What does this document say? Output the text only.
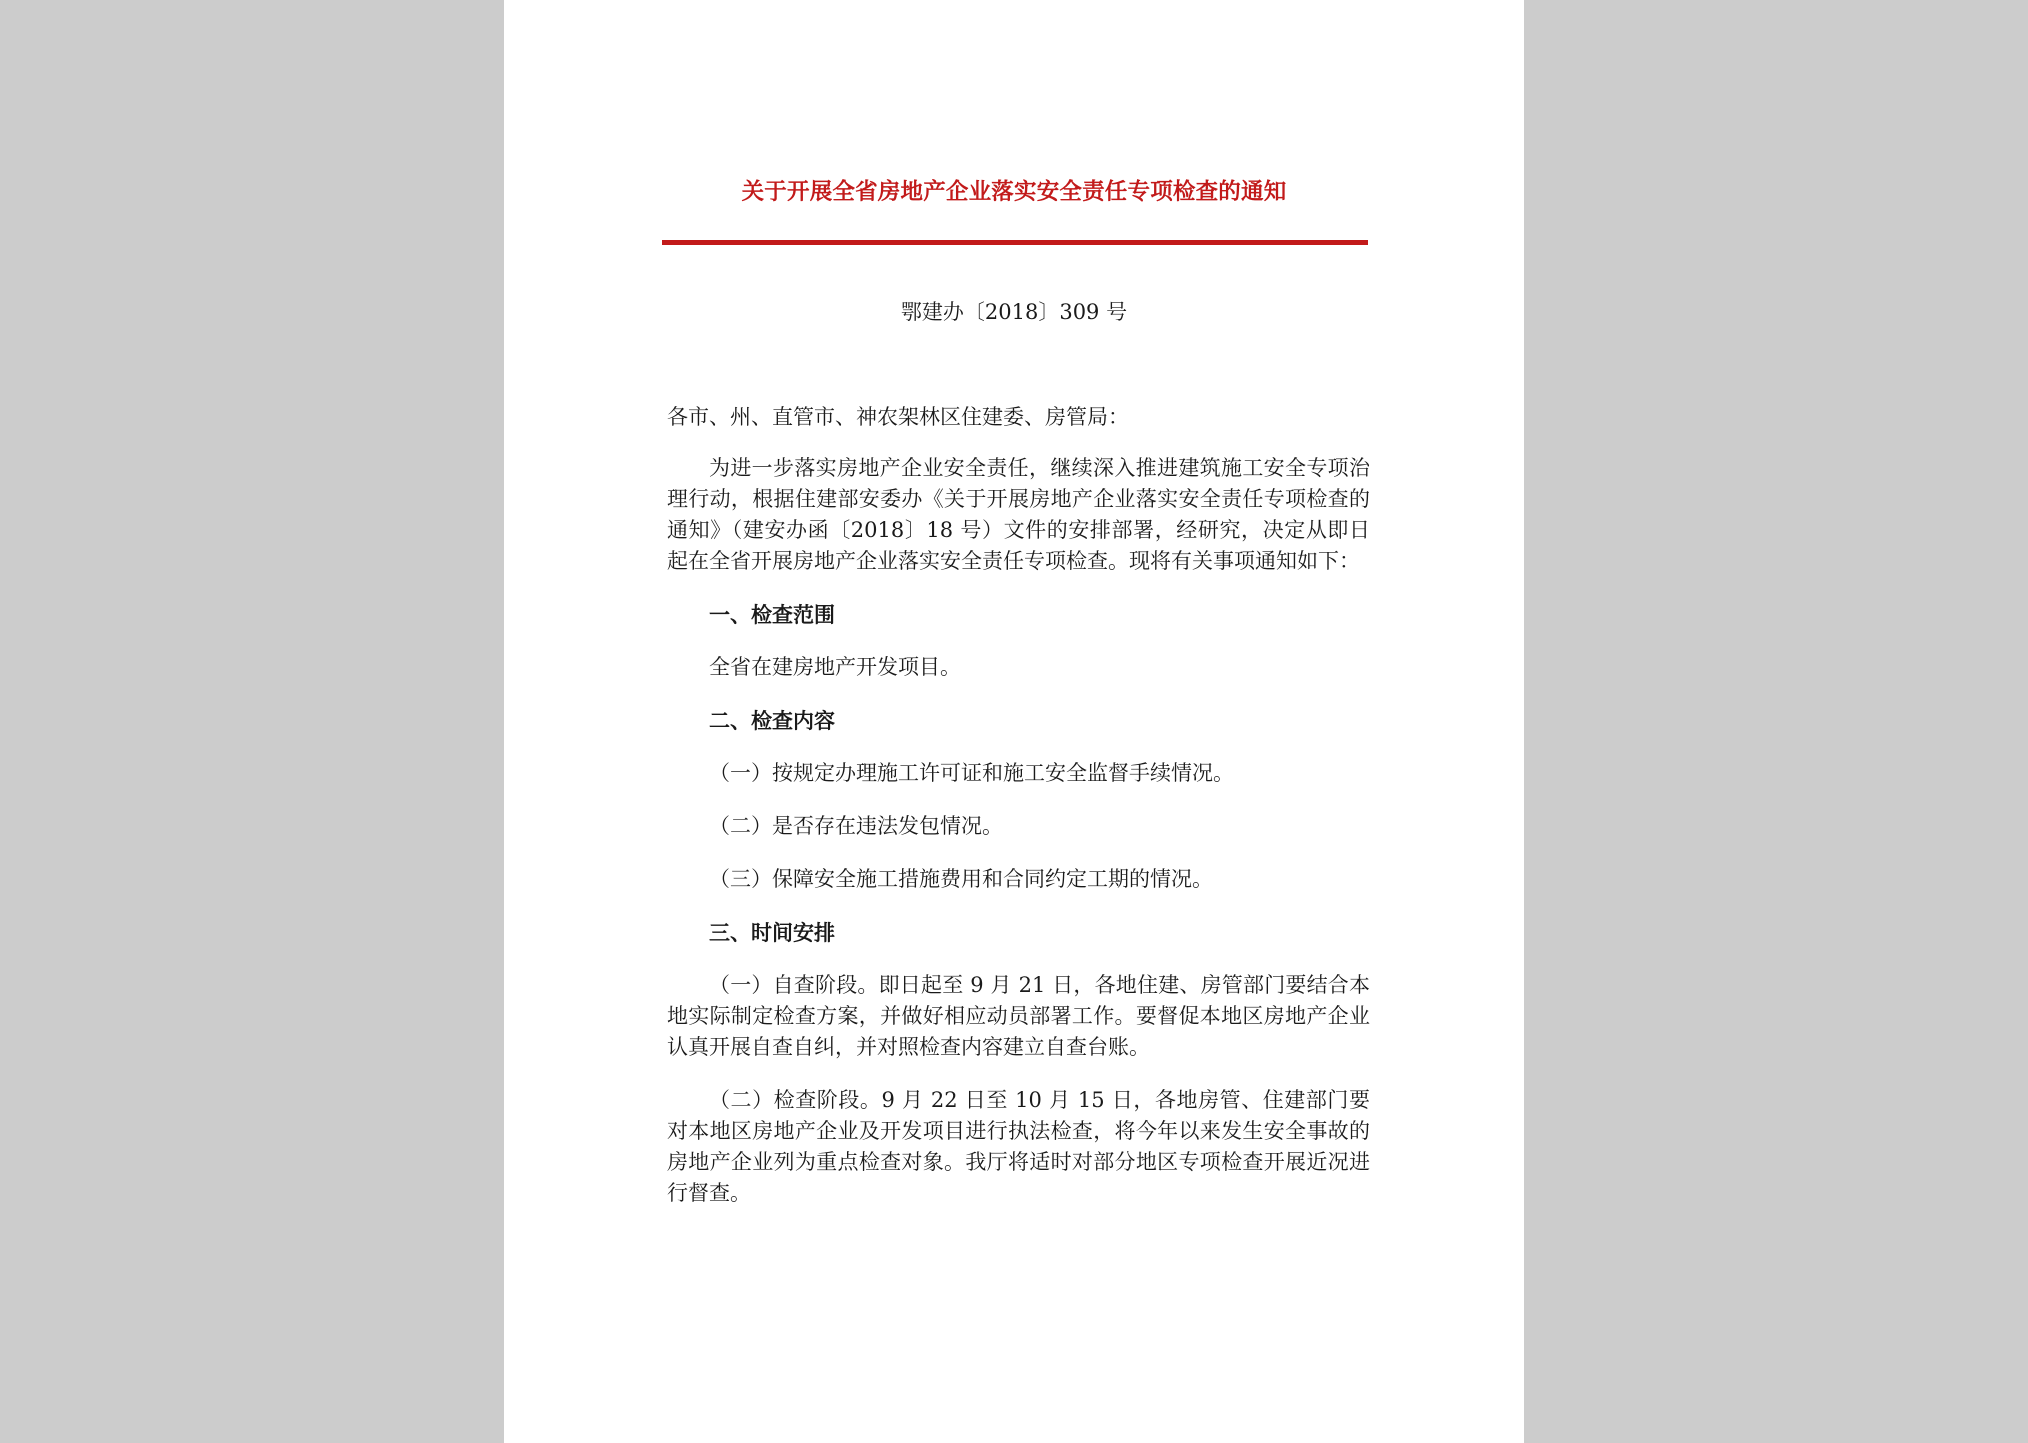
关于开展全省房地产企业落实安全责任专项检查的通知
鄂建办〔2018〕309 号

各市、州、直管市、神农架林区住建委、房管局：

为进一步落实房地产企业安全责任，继续深入推进建筑施工安全专项治理行动，根据住建部安委办《关于开展房地产企业落实安全责任专项检查的通知》（建安办函〔2018〕18 号）文件的安排部署，经研究，决定从即日起在全省开展房地产企业落实安全责任专项检查。现将有关事项通知如下：

一、检查范围

全省在建房地产开发项目。

二、检查内容

（一）按规定办理施工许可证和施工安全监督手续情况。

（二）是否存在违法发包情况。

（三）保障安全施工措施费用和合同约定工期的情况。

三、时间安排

（一）自查阶段。即日起至 9 月 21 日，各地住建、房管部门要结合本地实际制定检查方案，并做好相应动员部署工作。要督促本地区房地产企业认真开展自查自纠，并对照检查内容建立自查台账。

（二）检查阶段。9 月 22 日至 10 月 15 日，各地房管、住建部门要对本地区房地产企业及开发项目进行执法检查，将今年以来发生安全事故的房地产企业列为重点检查对象。我厅将适时对部分地区专项检查开展近况进行督查。
